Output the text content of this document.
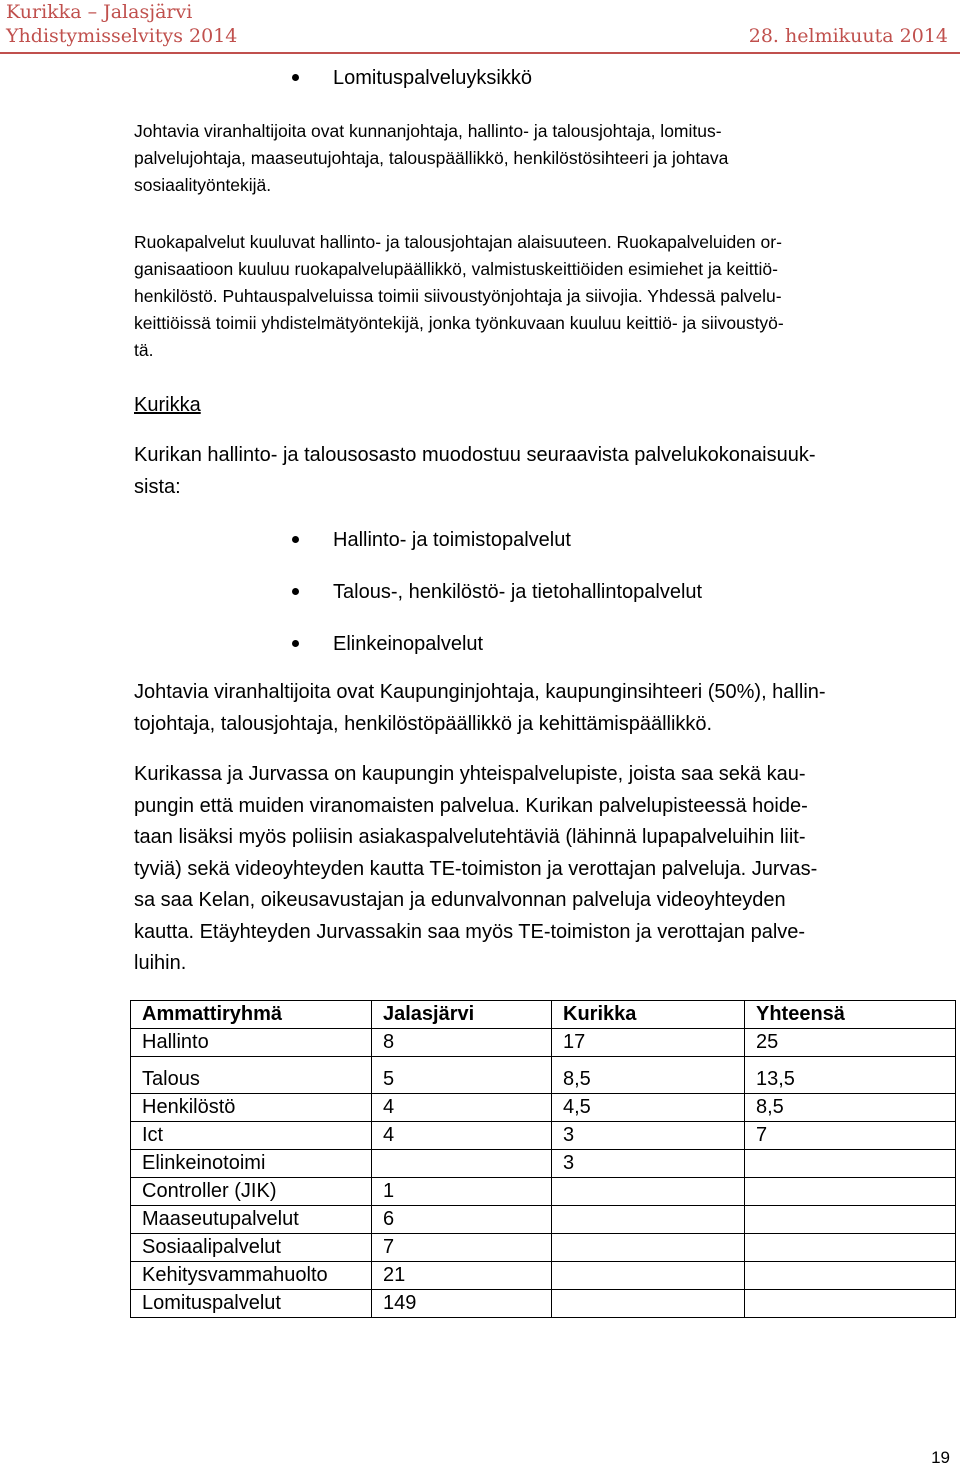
Kurikka – Jalasjärvi
Yhdistymisselvitys 2014	28. helmikuuta 2014
Lomituspalveluyksikkö

Johtavia viranhaltijoita ovat kunnanjohtaja, hallinto- ja talousjohtaja, lomitus-
palvelujohtaja, maaseutujohtaja, talouspäällikkö, henkilöstösihteeri ja johtava
sosiaalityöntekijä.

Ruokapalvelut kuuluvat hallinto- ja talousjohtajan alaisuuteen. Ruokapalveluiden or-
ganisaatioon kuuluu ruokapalvelupäällikkö, valmistuskeittiöiden esimiehet ja keittiö-
henkilöstö. Puhtauspalveluissa toimii siivoustyönjohtaja ja siivojia. Yhdessä palvelu-
keittiöissä toimii yhdistelmätyöntekijä, jonka työnkuvaan kuuluu keittiö- ja siivoustyö-
tä.

Kurikka

Kurikan hallinto- ja talousosasto muodostuu seuraavista palvelukokonaisuuk-
sista:

Hallinto- ja toimistopalvelut
Talous-, henkilöstö- ja tietohallintopalvelut
Elinkeinopalvelut

Johtavia viranhaltijoita ovat Kaupunginjohtaja, kaupunginsihteeri (50%), hallin-
tojohtaja, talousjohtaja, henkilöstöpäällikkö ja kehittämispäällikkö.

Kurikassa ja Jurvassa on kaupungin yhteispalvelupiste, joista saa sekä kau-
pungin että muiden viranomaisten palvelua. Kurikan palvelupisteessä hoide-
taan lisäksi myös poliisin asiakaspalvelutehtäviä (lähinnä lupapalveluihin liit-
tyviä) sekä videoyhteyden kautta TE-toimiston ja verottajan palveluja. Jurvas-
sa saa Kelan, oikeusavustajan ja edunvalvonnan palveluja videoyhteyden
kautta. Etäyhteyden Jurvassakin saa myös TE-toimiston ja verottajan palve-
luihin.

Ammattiryhmä	Jalasjärvi	Kurikka	Yhteensä
Hallinto	8	17	25

Talous	5	8,5	13,5
Henkilöstö	4	4,5	8,5
Ict	4	3	7
Elinkeinotoimi		3	
Controller (JIK)	1		
Maaseutupalvelut	6		
Sosiaalipalvelut	7		
Kehitysvammahuolto	21		
Lomituspalvelut	149		
19
